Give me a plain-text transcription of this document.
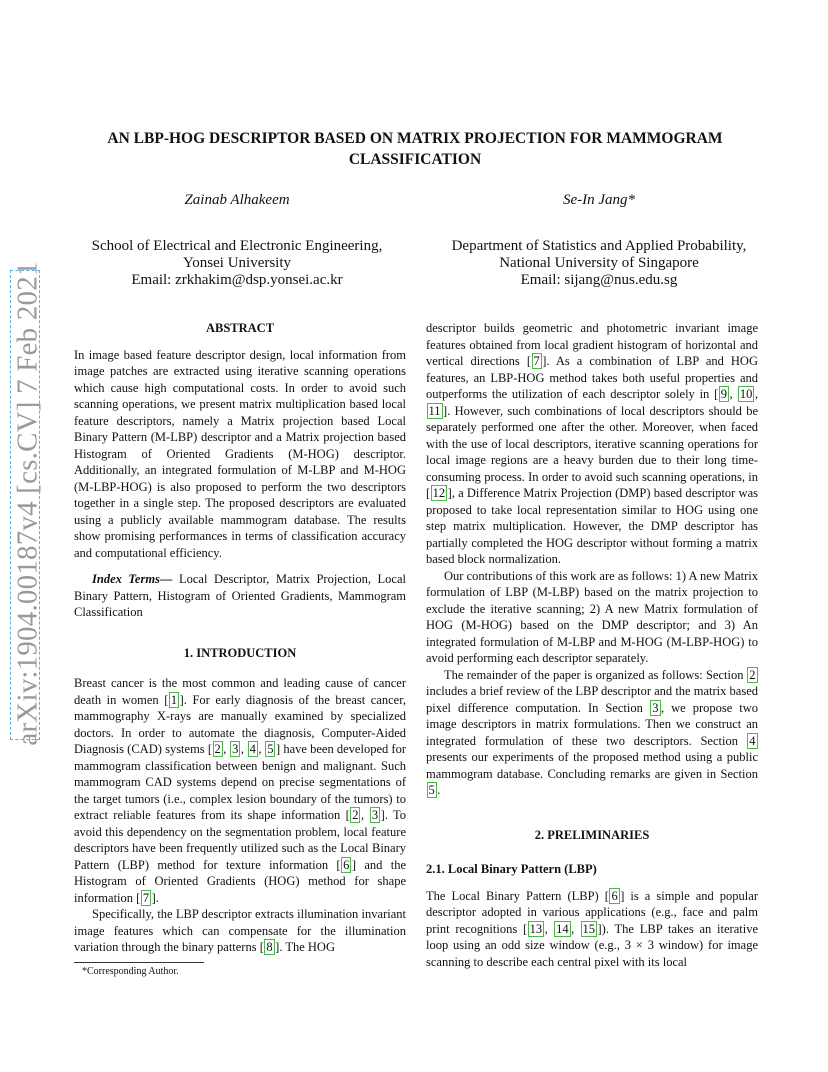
arXiv:1904.00187v4 [cs.CV] 7 Feb 2021
AN LBP-HOG DESCRIPTOR BASED ON MATRIX PROJECTION FOR MAMMOGRAM
CLASSIFICATION
Zainab Alhakeem
School of Electrical and Electronic Engineering,
Yonsei University
Email: zrkhakim@dsp.yonsei.ac.kr
Se-In Jang*
Department of Statistics and Applied Probability,
National University of Singapore
Email: sijang@nus.edu.sg
ABSTRACT

In image based feature descriptor design, local information from image patches are extracted using iterative scanning operations which cause high computational costs. In order to avoid such scanning operations, we present matrix multiplication based local feature descriptors, namely a Matrix projection based Local Binary Pattern (M-LBP) descriptor and a Matrix projection based Histogram of Oriented Gradients (M-HOG) descriptor. Additionally, an integrated formulation of M-LBP and M-HOG (M-LBP-HOG) is also proposed to perform the two descriptors together in a single step. The proposed descriptors are evaluated using a publicly available mammogram database. The results show promising performances in terms of classification accuracy and computational efficiency.

Index Terms— Local Descriptor, Matrix Projection, Local Binary Pattern, Histogram of Oriented Gradients, Mammogram Classification

1. INTRODUCTION

Breast cancer is the most common and leading cause of cancer death in women [ 1 ]. For early diagnosis of the breast cancer, mammography X-rays are manually examined by specialized doctors. In order to automate the diagnosis, Computer-Aided Diagnosis (CAD) systems [ 2 , 3 , 4 , 5 ] have been developed for mammogram classification between benign and malignant. Such mammogram CAD systems depend on precise segmentations of the target tumors (i.e., complex lesion boundary of the tumors) to extract reliable features from its shape information [ 2 , 3 ]. To avoid this dependency on the segmentation problem, local feature descriptors have been frequently utilized such as the Local Binary Pattern (LBP) method for texture information [ 6 ] and the Histogram of Oriented Gradients (HOG) method for shape information [ 7 ].

Specifically, the LBP descriptor extracts illumination invariant image features which can compensate for the illumination variation through the binary patterns [ 8 ]. The HOG

*Corresponding Author.

descriptor builds geometric and photometric invariant image features obtained from local gradient histogram of horizontal and vertical directions [ 7 ]. As a combination of LBP and HOG features, an LBP-HOG method takes both useful properties and outperforms the utilization of each descriptor solely in [ 9 , 10 , 11 ]. However, such combinations of local descriptors should be separately performed one after the other. Moreover, when faced with the use of local descriptors, iterative scanning operations for local image regions are a heavy burden due to their long time-consuming process. In order to avoid such scanning operations, in [ 12 ], a Difference Matrix Projection (DMP) based descriptor was proposed to take local representation similar to HOG using one step matrix multiplication. However, the DMP descriptor has partially completed the HOG descriptor without forming a matrix based block normalization.

Our contributions of this work are as follows: 1) A new Matrix formulation of LBP (M-LBP) based on the matrix projection to exclude the iterative scanning; 2) A new Matrix formulation of HOG (M-HOG) based on the DMP descriptor; and 3) An integrated formulation of M-LBP and M-HOG (M-LBP-HOG) to avoid performing each descriptor separately.

The remainder of the paper is organized as follows: Section 2 includes a brief review of the LBP descriptor and the matrix based pixel difference computation. In Section 3 , we propose two image descriptors in matrix formulations. Then we construct an integrated formulation of these two descriptors. Section 4 presents our experiments of the proposed method using a public mammogram database. Concluding remarks are given in Section 5 .

2. PRELIMINARIES
2.1. Local Binary Pattern (LBP)

The Local Binary Pattern (LBP) [ 6 ] is a simple and popular descriptor adopted in various applications (e.g., face and palm print recognitions [ 13 , 14 , 15 ]). The LBP takes an iterative loop using an odd size window (e.g., 3 × 3 window) for image scanning to describe each central pixel with its local
